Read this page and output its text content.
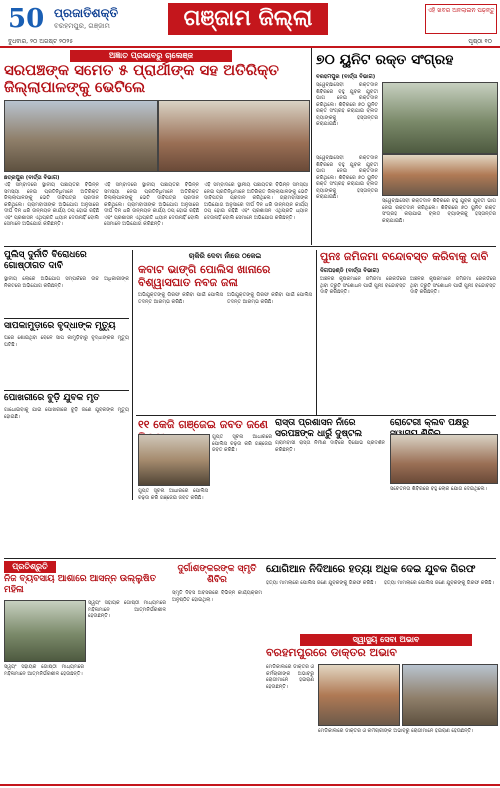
50 ପ୍ରଜାତିଶକ୍ତି
ବରହମପୁର, ଗଞ୍ଜାମ	ଗଞ୍ଜାମ ଜିଲ୍ଲା	ଏହି ଖବର ଅନଲାଇନ ପଢ଼ନ୍ତୁ
ବୁଧବାର, ୨୦ ଅଗଷ୍ଟ ୨୦୨୫	ପୃଷ୍ଠା ୧୦
ଅଜ୍ଞାତ ପ୍ରଭାବରୁ ଚାଲେଞ୍ଜ
ସରପଞ୍ଚଙ୍କ ସମେତ ୫ ପ୍ରାର୍ଥୀଙ୍କ ସହ ଅତିରିକ୍ତ ଜିଲ୍ଲାପାଳଙ୍କୁ ଭେଟିଲେ
ଛତ୍ରପୁର (ବାର୍ତ୍ତା ବିଭାଗ)
ଏହି ସମ୍ବାଦରେ ସ୍ଥାନୀୟ ପଞ୍ଚାୟତର ବିଭିନ୍ନ ସମସ୍ୟା ନେଇ ପ୍ରତିନିଧିମାନେ ଅତିରିକ୍ତ ଜିଲ୍ଲାପାଳଙ୍କୁ ଭେଟି ଦାବିପତ୍ର ପ୍ରଦାନ କରିଥିଲେ। ଗ୍ରାମବାସୀଙ୍କ ଅଭିଯୋଗ ଅନୁସାରେ ଦୀର୍ଘ ଦିନ ଧରି ଉନ୍ନୟନ କାର୍ଯ୍ୟ ଠପ୍ ହୋଇ ରହିଛି ଏବଂ ପ୍ରଶାସନ ଏଥିପ୍ରତି ଧ୍ୟାନ ଦେଉନାହିଁ ବୋଲି ସେମାନେ ଅଭିଯୋଗ କରିଛନ୍ତି।
ଏହି ସମ୍ବାଦରେ ସ୍ଥାନୀୟ ପଞ୍ଚାୟତର ବିଭିନ୍ନ ସମସ୍ୟା ନେଇ ପ୍ରତିନିଧିମାନେ ଅତିରିକ୍ତ ଜିଲ୍ଲାପାଳଙ୍କୁ ଭେଟି ଦାବିପତ୍ର ପ୍ରଦାନ କରିଥିଲେ। ଗ୍ରାମବାସୀଙ୍କ ଅଭିଯୋଗ ଅନୁସାରେ ଦୀର୍ଘ ଦିନ ଧରି ଉନ୍ନୟନ କାର୍ଯ୍ୟ ଠପ୍ ହୋଇ ରହିଛି ଏବଂ ପ୍ରଶାସନ ଏଥିପ୍ରତି ଧ୍ୟାନ ଦେଉନାହିଁ ବୋଲି ସେମାନେ ଅଭିଯୋଗ କରିଛନ୍ତି।
ଏହି ସମ୍ବାଦରେ ସ୍ଥାନୀୟ ପଞ୍ଚାୟତର ବିଭିନ୍ନ ସମସ୍ୟା ନେଇ ପ୍ରତିନିଧିମାନେ ଅତିରିକ୍ତ ଜିଲ୍ଲାପାଳଙ୍କୁ ଭେଟି ଦାବିପତ୍ର ପ୍ରଦାନ କରିଥିଲେ। ଗ୍ରାମବାସୀଙ୍କ ଅଭିଯୋଗ ଅନୁସାରେ ଦୀର୍ଘ ଦିନ ଧରି ଉନ୍ନୟନ କାର୍ଯ୍ୟ ଠପ୍ ହୋଇ ରହିଛି ଏବଂ ପ୍ରଶାସନ ଏଥିପ୍ରତି ଧ୍ୟାନ ଦେଉନାହିଁ ବୋଲି ସେମାନେ ଅଭିଯୋଗ କରିଛନ୍ତି।
୭୦ ୟୁନିଟ ରକ୍ତ ସଂଗ୍ରହ
ବରହମପୁର (ବାର୍ତ୍ତା ବିଭାଗ)
ସ୍ୱେଚ୍ଛାସେବୀ ରକ୍ତଦାନ ଶିବିରରେ ବହୁ ଯୁବକ ଯୁବତୀ ଭାଗ ନେଇ ରକ୍ତଦାନ କରିଥିଲେ। ଶିବିରରେ ୭୦ ୟୁନିଟ ରକ୍ତ ସଂଗ୍ରହ କରାଯାଇ ବ୍ଲଡ ବ୍ୟାଙ୍କକୁ ହସ୍ତାନ୍ତର କରାଯାଇଛି।
ସ୍ୱେଚ୍ଛାସେବୀ ରକ୍ତଦାନ ଶିବିରରେ ବହୁ ଯୁବକ ଯୁବତୀ ଭାଗ ନେଇ ରକ୍ତଦାନ କରିଥିଲେ। ଶିବିରରେ ୭୦ ୟୁନିଟ ରକ୍ତ ସଂଗ୍ରହ କରାଯାଇ ବ୍ଲଡ ବ୍ୟାଙ୍କକୁ ହସ୍ତାନ୍ତର କରାଯାଇଛି।
ସ୍ୱେଚ୍ଛାସେବୀ ରକ୍ତଦାନ ଶିବିରରେ ବହୁ ଯୁବକ ଯୁବତୀ ଭାଗ ନେଇ ରକ୍ତଦାନ କରିଥିଲେ। ଶିବିରରେ ୭୦ ୟୁନିଟ ରକ୍ତ ସଂଗ୍ରହ କରାଯାଇ ବ୍ଲଡ ବ୍ୟାଙ୍କକୁ ହସ୍ତାନ୍ତର କରାଯାଇଛି।
ପୁଲିସ୍ ଦୁର୍ନୀତି ବିରୋଧରେ ଗୋଷ୍ଠୀଗତ ଦାବି
ସ୍ଥାନୀୟ ଲୋକେ ଅଭିଯୋଗ ସମ୍ପର୍କରେ ଉଚ୍ଚ ଅଧିକାରୀଙ୍କ ନିକଟରେ ଅଭିଯୋଗ କରିଛନ୍ତି।
ସାପକାମୁଡ଼ାରେ ବୃଦ୍ଧାଙ୍କ ମୃତ୍ୟୁ
ଘରେ ଶୋଇଥିବା ବେଳେ ସାପ କାମୁଡ଼ିବାରୁ ବୃଦ୍ଧାଙ୍କର ମୃତ୍ୟୁ ଘଟିଛି।
ପୋଖରୀରେ ବୁଡ଼ି ଯୁବକ ମୃତ
ଗାଧୋଇବାକୁ ଯାଇ ପୋଖରୀରେ ବୁଡ଼ି ଜଣେ ଯୁବକଙ୍କ ମୃତ୍ୟୁ ହୋଇଛି।
ଚାକିରି ଦେବା ନାଁରେ ଠକେଇ
କବାଟ ଭାଙ୍ଗି ପୋଲିସ ଖାନାରେ ବିଶ୍ୱାସଘାତ ନବଜ ଜଳା
ଅଭିଯୁକ୍ତଙ୍କୁ ଗିରଫ କରିବା ପାଇଁ ପୋଲିସ ତଦନ୍ତ ଆରମ୍ଭ କରିଛି।
ଅଭିଯୁକ୍ତଙ୍କୁ ଗିରଫ କରିବା ପାଇଁ ପୋଲିସ ତଦନ୍ତ ଆରମ୍ଭ କରିଛି।
ପୁନଃ ଜମିଜମା ବନ୍ଦୋବସ୍ତ କରିବାକୁ ଦାବି
ଦିଗପହଣ୍ଡି (ବାର୍ତ୍ତା ବିଭାଗ)
ଅଞ୍ଚଳର କୃଷକମାନେ ଜମିଜମା ରେକର୍ଡରେ ଥିବା ତ୍ରୁଟି ସଂଶୋଧନ ପାଇଁ ପୁନଃ ବନ୍ଦୋବସ୍ତ ଦାବି କରିଛନ୍ତି।
ଅଞ୍ଚଳର କୃଷକମାନେ ଜମିଜମା ରେକର୍ଡରେ ଥିବା ତ୍ରୁଟି ସଂଶୋଧନ ପାଇଁ ପୁନଃ ବନ୍ଦୋବସ୍ତ ଦାବି କରିଛନ୍ତି।
୧୧ କେଜି ଗଞ୍ଜେଇ ଜବତ ଜଣେ
ଗୁପ୍ତ ସୂଚନା ଆଧାରରେ ପୋଲିସ ଚଢ଼ଉ କରି ଗଞ୍ଜେଇ ଜବତ କରିଛି।
ରାସ୍ତା ପ୍ରଶାସନ ନାଁରେ ସରପଞ୍ଚଙ୍କ ଧାରୁଁ ଦୁଷ୍ଟଲ
ଗ୍ରାମବାସୀ ରାସ୍ତା ନିର୍ମାଣ ଦାବିରେ ବିକ୍ଷୋଭ ପ୍ରଦର୍ଶନ କରିଛନ୍ତି।
ରୋଟେରୀ କ୍ଲବ ପକ୍ଷରୁ
ସଚେତନତା ଶିବିରରେ ବହୁ ଲୋକ ଯୋଗ ଦେଇଥିଲେ।
ଗୁପ୍ତ ସୂଚନା ଆଧାରରେ ପୋଲିସ ଚଢ଼ଉ କରି ଗଞ୍ଜେଇ ଜବତ କରିଛି।
ପ୍ରତିଶ୍ରୁତି
ନିଜ ବ୍ୟବସାୟ ଆଶାରେ ଆସନ୍ନ ଉଲ୍ଲୁଷିତ ମହିଳା
ସ୍ୱୟଂ ସହାୟକ ଗୋଷ୍ଠୀ ମାଧ୍ୟମରେ ମହିଳାମାନେ ଆତ୍ମନିର୍ଭରଶୀଳ ହେଉଛନ୍ତି।
ସ୍ୱୟଂ ସହାୟକ ଗୋଷ୍ଠୀ ମାଧ୍ୟମରେ ମହିଳାମାନେ ଆତ୍ମନିର୍ଭରଶୀଳ ହେଉଛନ୍ତି।
ଦୁର୍ଗାଶଙ୍କରଙ୍କ ସ୍ମୃତି ଶିବିର
ସ୍ମୃତି ଦିବସ ଅବସରରେ ବିଭିନ୍ନ କାର୍ଯ୍ୟକ୍ରମ ଅନୁଷ୍ଠିତ ହୋଇଥିଲା।
ଯୋଗିଆନ ନିଦିଆରେ ହତ୍ୟା ଅଧିକ ଦେଇ ଯୁବକ ଗିରଫ
ହତ୍ୟା ମାମଲାରେ ପୋଲିସ ଜଣେ ଯୁବକଙ୍କୁ ଗିରଫ କରିଛି।	ହତ୍ୟା ମାମଲାରେ ପୋଲିସ ଜଣେ ଯୁବକଙ୍କୁ ଗିରଫ କରିଛି।
ସ୍ୱାସ୍ଥ୍ୟ ସେବା ଅଭାବ
ବରହମପୁରରେ ଡାକ୍ତର ଅଭାବ
ମେଡିକାଲରେ ଡାକ୍ତର ଓ କର୍ମଚାରୀଙ୍କ ଅଭାବରୁ ରୋଗୀମାନେ ହଇରାଣ ହେଉଛନ୍ତି।
ମେଡିକାଲରେ ଡାକ୍ତର ଓ କର୍ମଚାରୀଙ୍କ ଅଭାବରୁ ରୋଗୀମାନେ ହଇରାଣ ହେଉଛନ୍ତି।
